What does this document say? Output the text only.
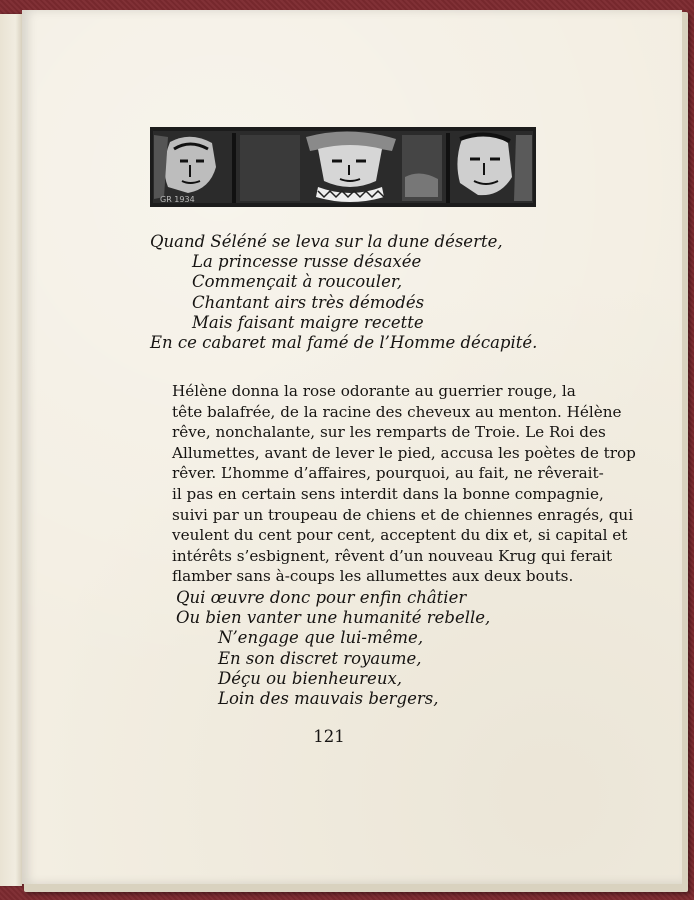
GR 1934
Quand Séléné se leva sur la dune déserte,
La princesse russe désaxée
Commençait à roucouler,
Chantant airs très démodés
Mais faisant maigre recette
En ce cabaret mal famé de l’Homme décapité.
Hélène donna la rose odorante au guerrier rouge, la
tête balafrée, de la racine des cheveux au menton. Hélène
rêve, nonchalante, sur les remparts de Troie. Le Roi des
Allumettes, avant de lever le pied, accusa les poètes de trop
rêver. L’homme d’affaires, pourquoi, au fait, ne rêverait-
il pas en certain sens interdit dans la bonne compagnie,
suivi par un troupeau de chiens et de chiennes enragés, qui
veulent du cent pour cent, acceptent du dix et, si capital et
intérêts s’esbignent, rêvent d’un nouveau Krug qui ferait
flamber sans à-coups les allumettes aux deux bouts.
Qui œuvre donc pour enfin châtier
Ou bien vanter une humanité rebelle,
N’engage que lui-même,
En son discret royaume,
Déçu ou bienheureux,
Loin des mauvais bergers,
121
